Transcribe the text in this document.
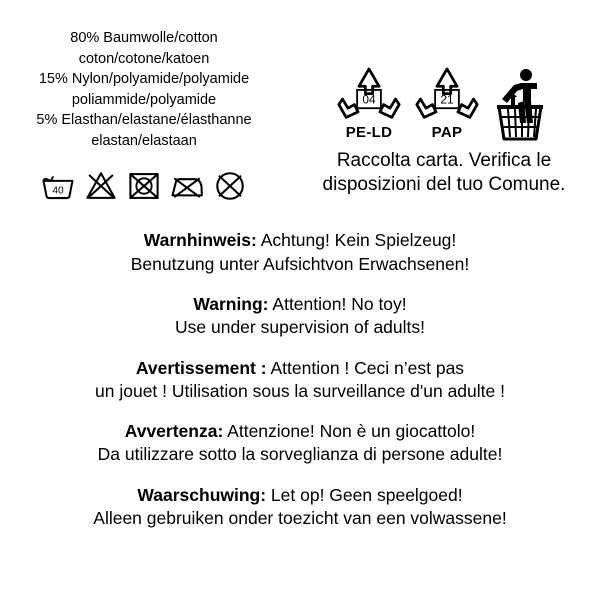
80% Baumwolle/cotton
coton/cotone/katoen
15% Nylon/polyamide/polyamide
poliammide/polyamide
5% Elasthan/elastane/élasthanne
elastan/elastaan
40
04
PE-LD
21
PAP
Raccolta carta. Verifica le disposizioni del tuo Comune.
Warnhinweis: Achtung! Kein Spielzeug!
Benutzung unter Aufsichtvon Erwachsenen!
Warning: Attention! No toy!
Use under supervision of adults!
Avertissement : Attention ! Ceci n’est pas
un jouet ! Utilisation sous la surveillance d'un adulte !
Avvertenza: Attenzione! Non è un giocattolo!
Da utilizzare sotto la sorveglianza di persone adulte!
Waarschuwing: Let op! Geen speelgoed!
Alleen gebruiken onder toezicht van een volwassene!
